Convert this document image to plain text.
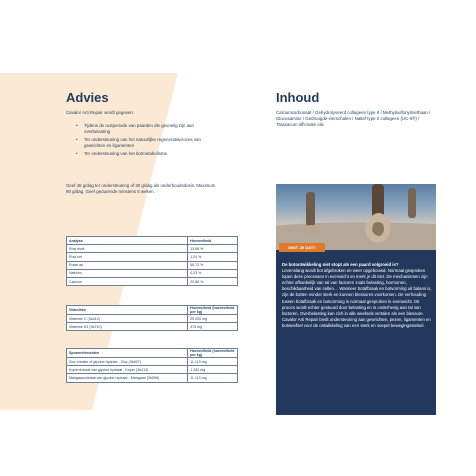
Advies
Cavalor Arti Repair wordt gegeven:
• Tijdens de rustperiode van paarden die gevoelig zijn aan overbelasting
• Ter ondersteuning van het natuurlijke regeneratieproces van gewrichten en ligamenten
• Ter ondersteuning van het botmetabolisme.
Geef 45 g/dag ter ondersteuning of 30 g/dag als onderhoudsdosis. Maximum 90 g/dag. Geef gedurende minstens 6 weken.
Analyse	Hoeveelheid
Ruw eiwit	13,96 %
Ruw vet	1,24 %
Ruwe as	55,72 %
Natrium	0,23 %
Calcium	20,88 %
Vitamines	Hoeveelheid (hoeveelheid per kg)
Vitamine C (3a312)	25 000 mg
Vitamine K3 (3a710)	475 mg
Sporenelementen	Hoeveelheid (hoeveelheid per kg)
Zinc chelate of glycine hydrate - Zinc (3b607)	11 113 mg
Koperchelaat van glycine hydraat - Koper (3b413)	1 282 mg
Mangaanchelaat van glycine hydraat - Mangaan (3b506)	11 113 mg
Inhoud
Calciumcarbonaat / Gehydrolyseerd collageen type II / Methylsulfonylmethaan / Glucosamine / Gedroogde eierschalen / Natief type II collageen (UC-II®) / Taraxacum officinale olie
WIST JE DAT?
De botontwikkeling niet stopt als een paard volgroeid is?
Levenslang wordt bot afgebroken en weer opgebouwd. Normaal gesproken lopen deze processen in evenwicht en merk je dit niet. De mechanismen zijn echter afhankelijk van tal van factoren zoals belasting, hormonen, beschikbaarheid van cellen… Wanneer botafbraak en botvorming uit balans is, zijn de botten minder sterk en kunnen blessures voorkomen. De verhouding tussen botafbraak en botvorming is normaal gesproken in evenwicht. Dit proces wordt echter gestuurd door belasting en is onderhevig aan tal van factoren. Overbelasting kan zich in alle weefsels vertalen als een blessure. Cavalor Arti Repair biedt ondersteuning aan gewrichten, pezen, ligamenten en botweefsel voor de ontwikkeling van een sterk en soepel bewegingsstelsel.
